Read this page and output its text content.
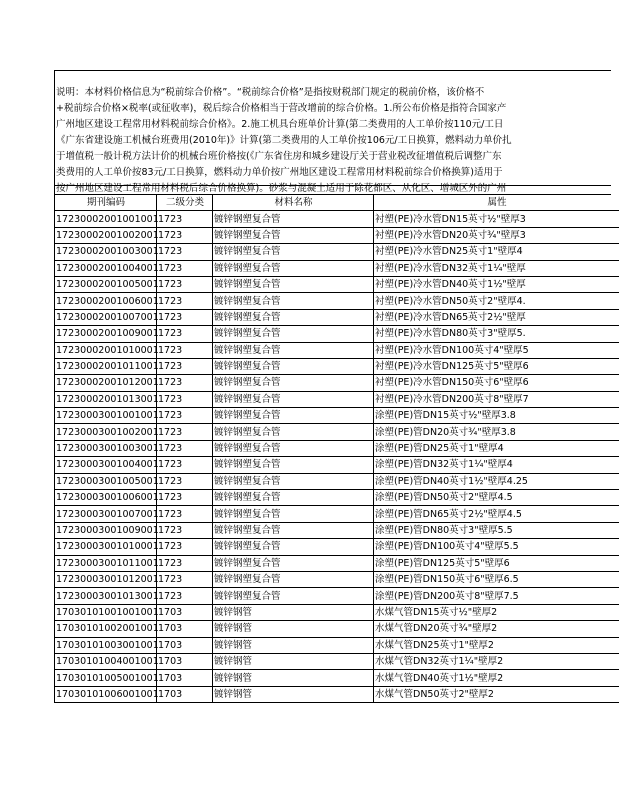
说明：本材料价格信息为“税前综合价格”。“税前综合价格”是指按财税部门规定的税前价格，该价格不
+税前综合价格×税率(或征收率)，税后综合价格相当于营改增前的综合价格。1.所公布价格是指符合国家产
广州地区建设工程常用材料税前综合价格》。2.施工机具台班单价计算(第二类费用的人工单价按110元/工日
《广东省建设施工机械台班费用(2010年)》计算(第二类费用的人工单价按106元/工日换算，燃料动力单价扎
于增值税一般计税方法计价的机械台班价格按(《广东省住房和城乡建设厅关于营业税改征增值税后调整广东
类费用的人工单价按83元/工日换算，燃料动力单价按广州地区建设工程常用材料税前综合价格换算)适用于
按广州地区建设工程常用材料税后综合价格换算)。砂浆与混凝土适用于除花都区、从化区、增城区外的广州
期刊编码	二级分类	材料名称	属性
17230002001001001	1723	镀锌钢塑复合管	衬塑(PE)冷水管DN15英寸½"壁厚3
17230002001002001	1723	镀锌钢塑复合管	衬塑(PE)冷水管DN20英寸¾"壁厚3
17230002001003001	1723	镀锌钢塑复合管	衬塑(PE)冷水管DN25英寸1"壁厚4
17230002001004001	1723	镀锌钢塑复合管	衬塑(PE)冷水管DN32英寸1¼"壁厚
17230002001005001	1723	镀锌钢塑复合管	衬塑(PE)冷水管DN40英寸1½"壁厚
17230002001006001	1723	镀锌钢塑复合管	衬塑(PE)冷水管DN50英寸2"壁厚4.
17230002001007001	1723	镀锌钢塑复合管	衬塑(PE)冷水管DN65英寸2½"壁厚
17230002001009001	1723	镀锌钢塑复合管	衬塑(PE)冷水管DN80英寸3"壁厚5.
17230002001010001	1723	镀锌钢塑复合管	衬塑(PE)冷水管DN100英寸4"壁厚5
17230002001011001	1723	镀锌钢塑复合管	衬塑(PE)冷水管DN125英寸5"壁厚6
17230002001012001	1723	镀锌钢塑复合管	衬塑(PE)冷水管DN150英寸6"壁厚6
17230002001013001	1723	镀锌钢塑复合管	衬塑(PE)冷水管DN200英寸8"壁厚7
17230003001001001	1723	镀锌钢塑复合管	涂塑(PE)管DN15英寸½"壁厚3.8
17230003001002001	1723	镀锌钢塑复合管	涂塑(PE)管DN20英寸¾"壁厚3.8
17230003001003001	1723	镀锌钢塑复合管	涂塑(PE)管DN25英寸1"壁厚4
17230003001004001	1723	镀锌钢塑复合管	涂塑(PE)管DN32英寸1¼"壁厚4
17230003001005001	1723	镀锌钢塑复合管	涂塑(PE)管DN40英寸1½"壁厚4.25
17230003001006001	1723	镀锌钢塑复合管	涂塑(PE)管DN50英寸2"壁厚4.5
17230003001007001	1723	镀锌钢塑复合管	涂塑(PE)管DN65英寸2½"壁厚4.5
17230003001009001	1723	镀锌钢塑复合管	涂塑(PE)管DN80英寸3"壁厚5.5
17230003001010001	1723	镀锌钢塑复合管	涂塑(PE)管DN100英寸4"壁厚5.5
17230003001011001	1723	镀锌钢塑复合管	涂塑(PE)管DN125英寸5"壁厚6
17230003001012001	1723	镀锌钢塑复合管	涂塑(PE)管DN150英寸6"壁厚6.5
17230003001013001	1723	镀锌钢塑复合管	涂塑(PE)管DN200英寸8"壁厚7.5
17030101001001001	1703	镀锌钢管	水煤气管DN15英寸½"壁厚2
17030101002001001	1703	镀锌钢管	水煤气管DN20英寸¾"壁厚2
17030101003001001	1703	镀锌钢管	水煤气管DN25英寸1"壁厚2
17030101004001001	1703	镀锌钢管	水煤气管DN32英寸1¼"壁厚2
17030101005001001	1703	镀锌钢管	水煤气管DN40英寸1½"壁厚2
17030101006001001	1703	镀锌钢管	水煤气管DN50英寸2"壁厚2
